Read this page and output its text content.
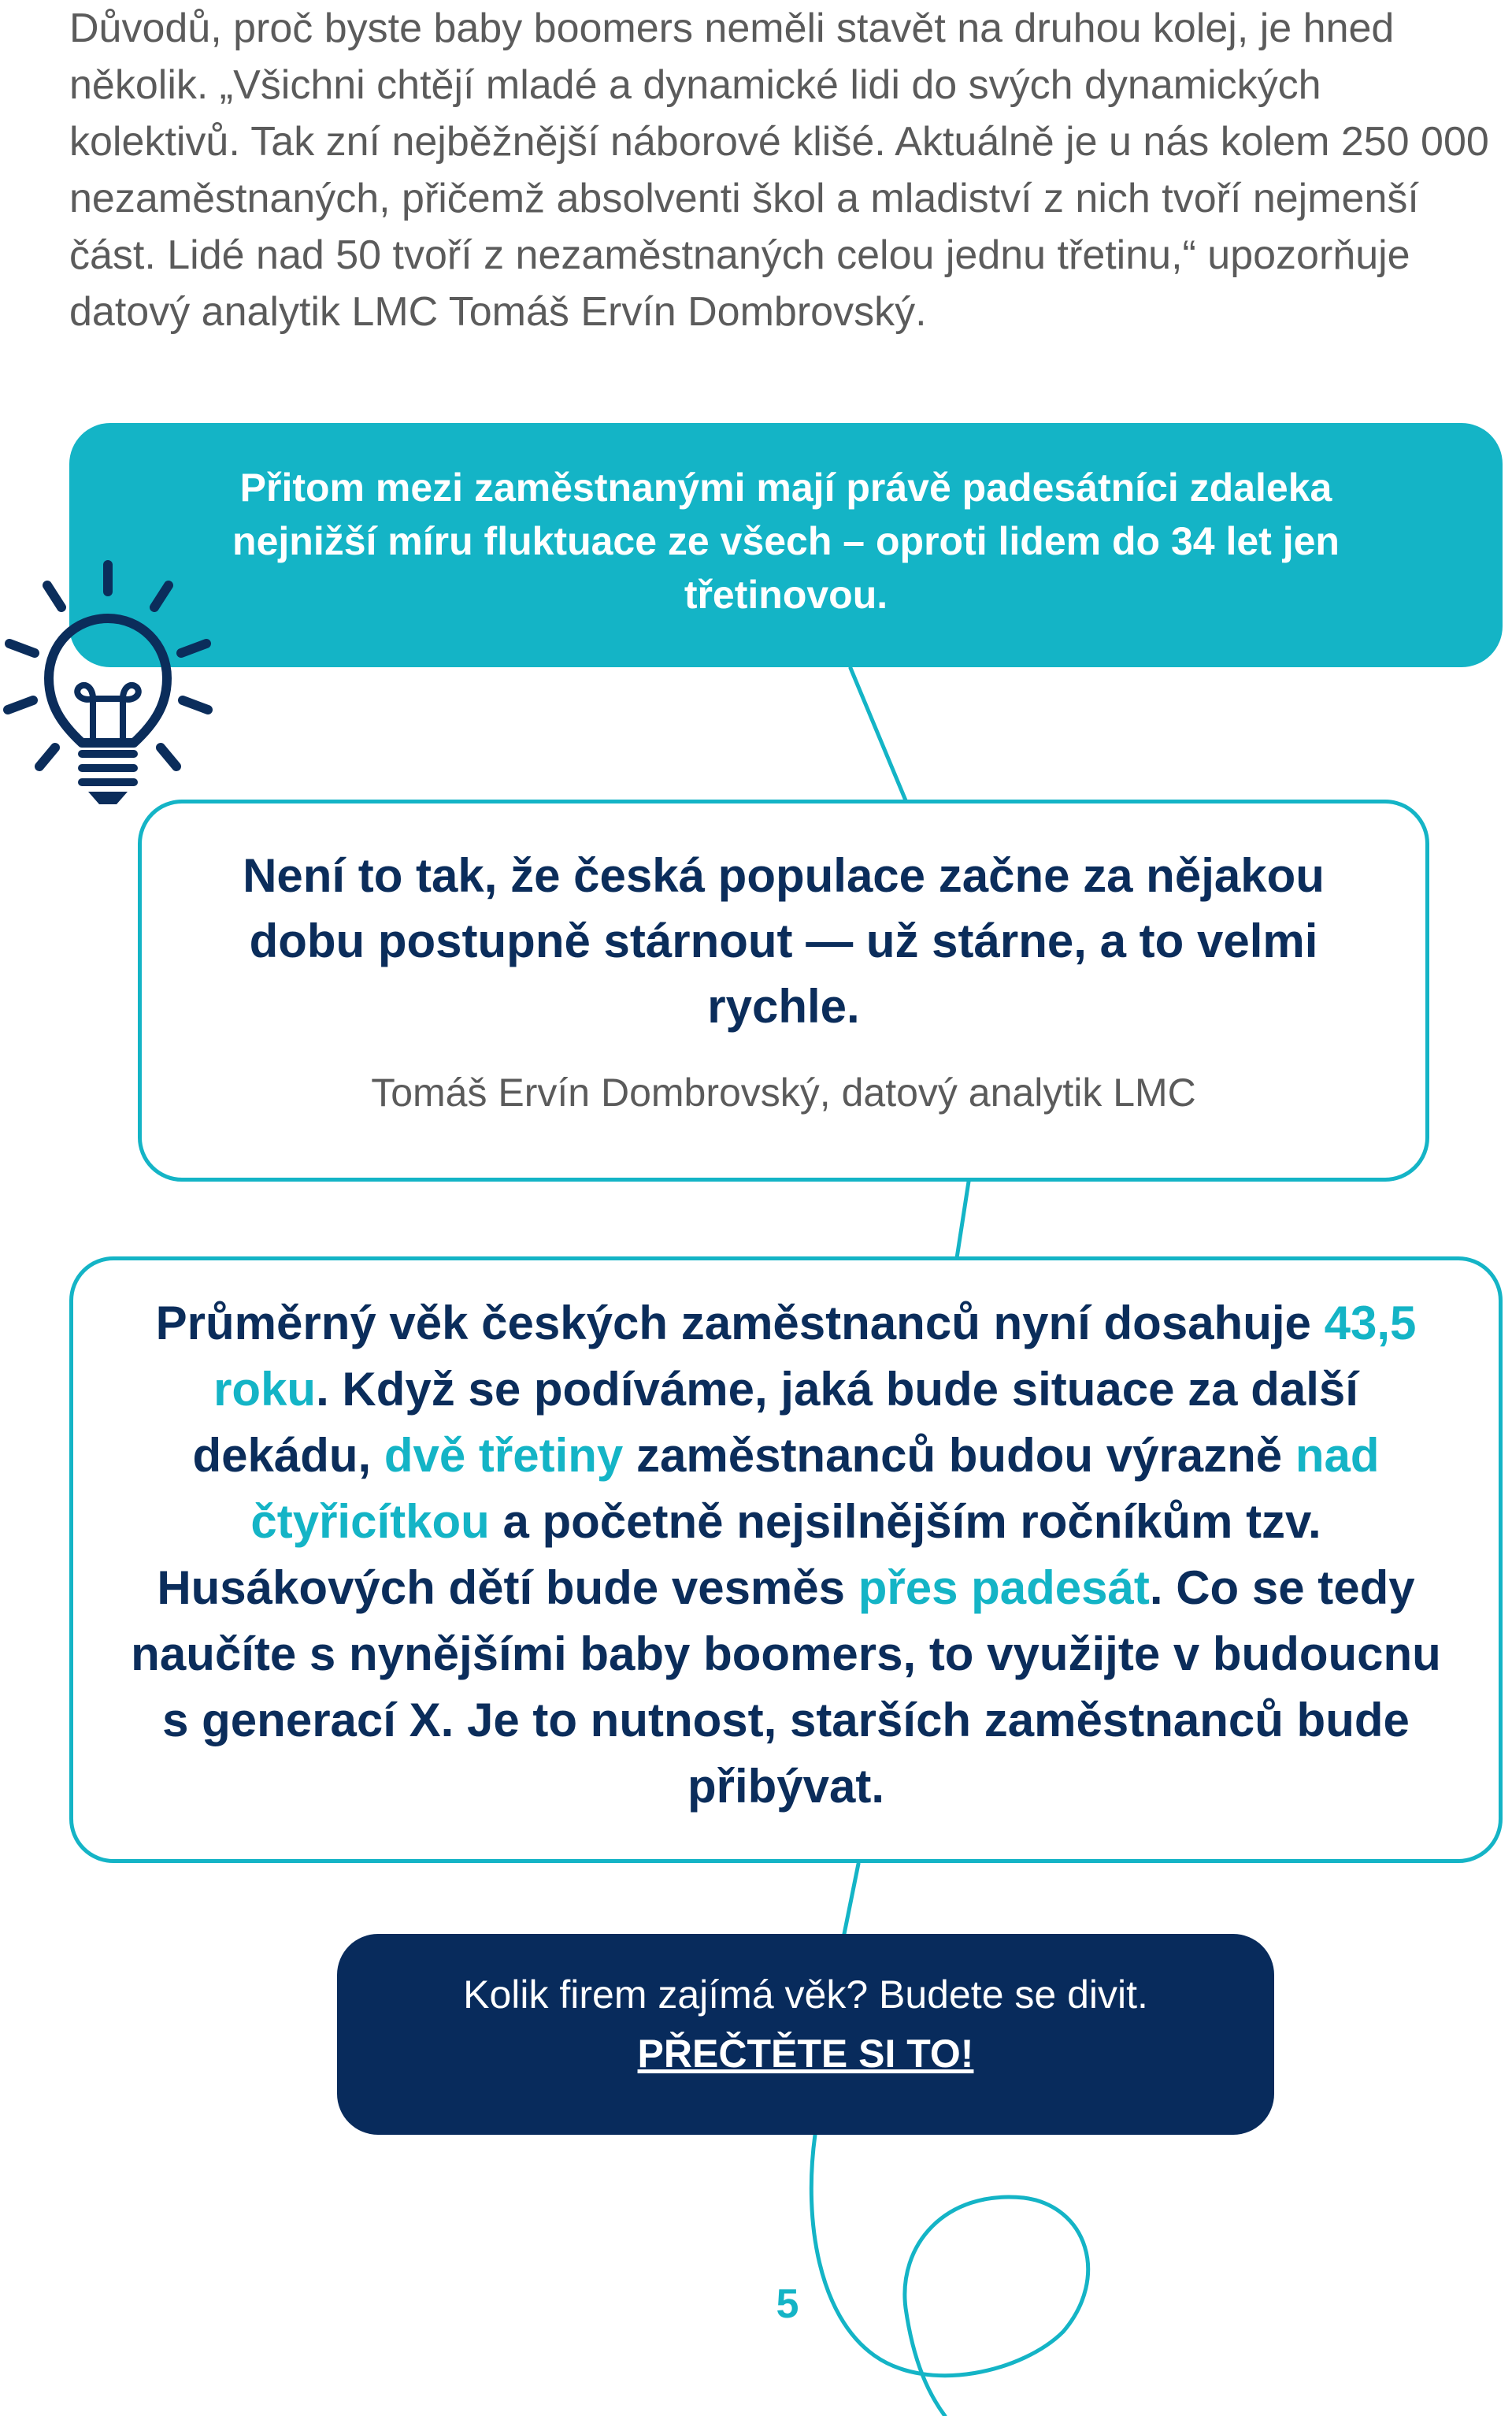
Důvodů, proč byste baby boomers neměli stavět na druhou kolej, je hned několik. „Všichni chtějí mladé a dynamické lidi do svých dynamických kolektivů. Tak zní nejběžnější náborové klišé. Aktuálně je u nás kolem 250 000 nezaměstnaných, přičemž absolventi škol a mladiství z nich tvoří nejmenší část. Lidé nad 50 tvoří z nezaměstnaných celou jednu třetinu,“ upozorňuje datový analytik LMC Tomáš Ervín Dombrovský.

Přitom mezi zaměstnanými mají právě padesátníci zdaleka nejnižší míru fluktuace ze všech – oproti lidem do 34 let jen třetinovou.

Není to tak, že česká populace začne za nějakou dobu postupně stárnout — už stárne, a to velmi rychle.

Tomáš Ervín Dombrovský, datový analytik LMC

Průměrný věk českých zaměstnanců nyní dosahuje 43,5 roku. Když se podíváme, jaká bude situace za další dekádu, dvě třetiny zaměstnanců budou výrazně nad čtyřicítkou a početně nejsilnějším ročníkům tzv. Husákových dětí bude vesměs přes padesát. Co se tedy naučíte s nynějšími baby boomers, to využijte v budoucnu s generací X. Je to nutnost, starších zaměstnanců bude přibývat.

Kolik firem zajímá věk? Budete se divit.

PŘEČTĚTE SI TO!
5
